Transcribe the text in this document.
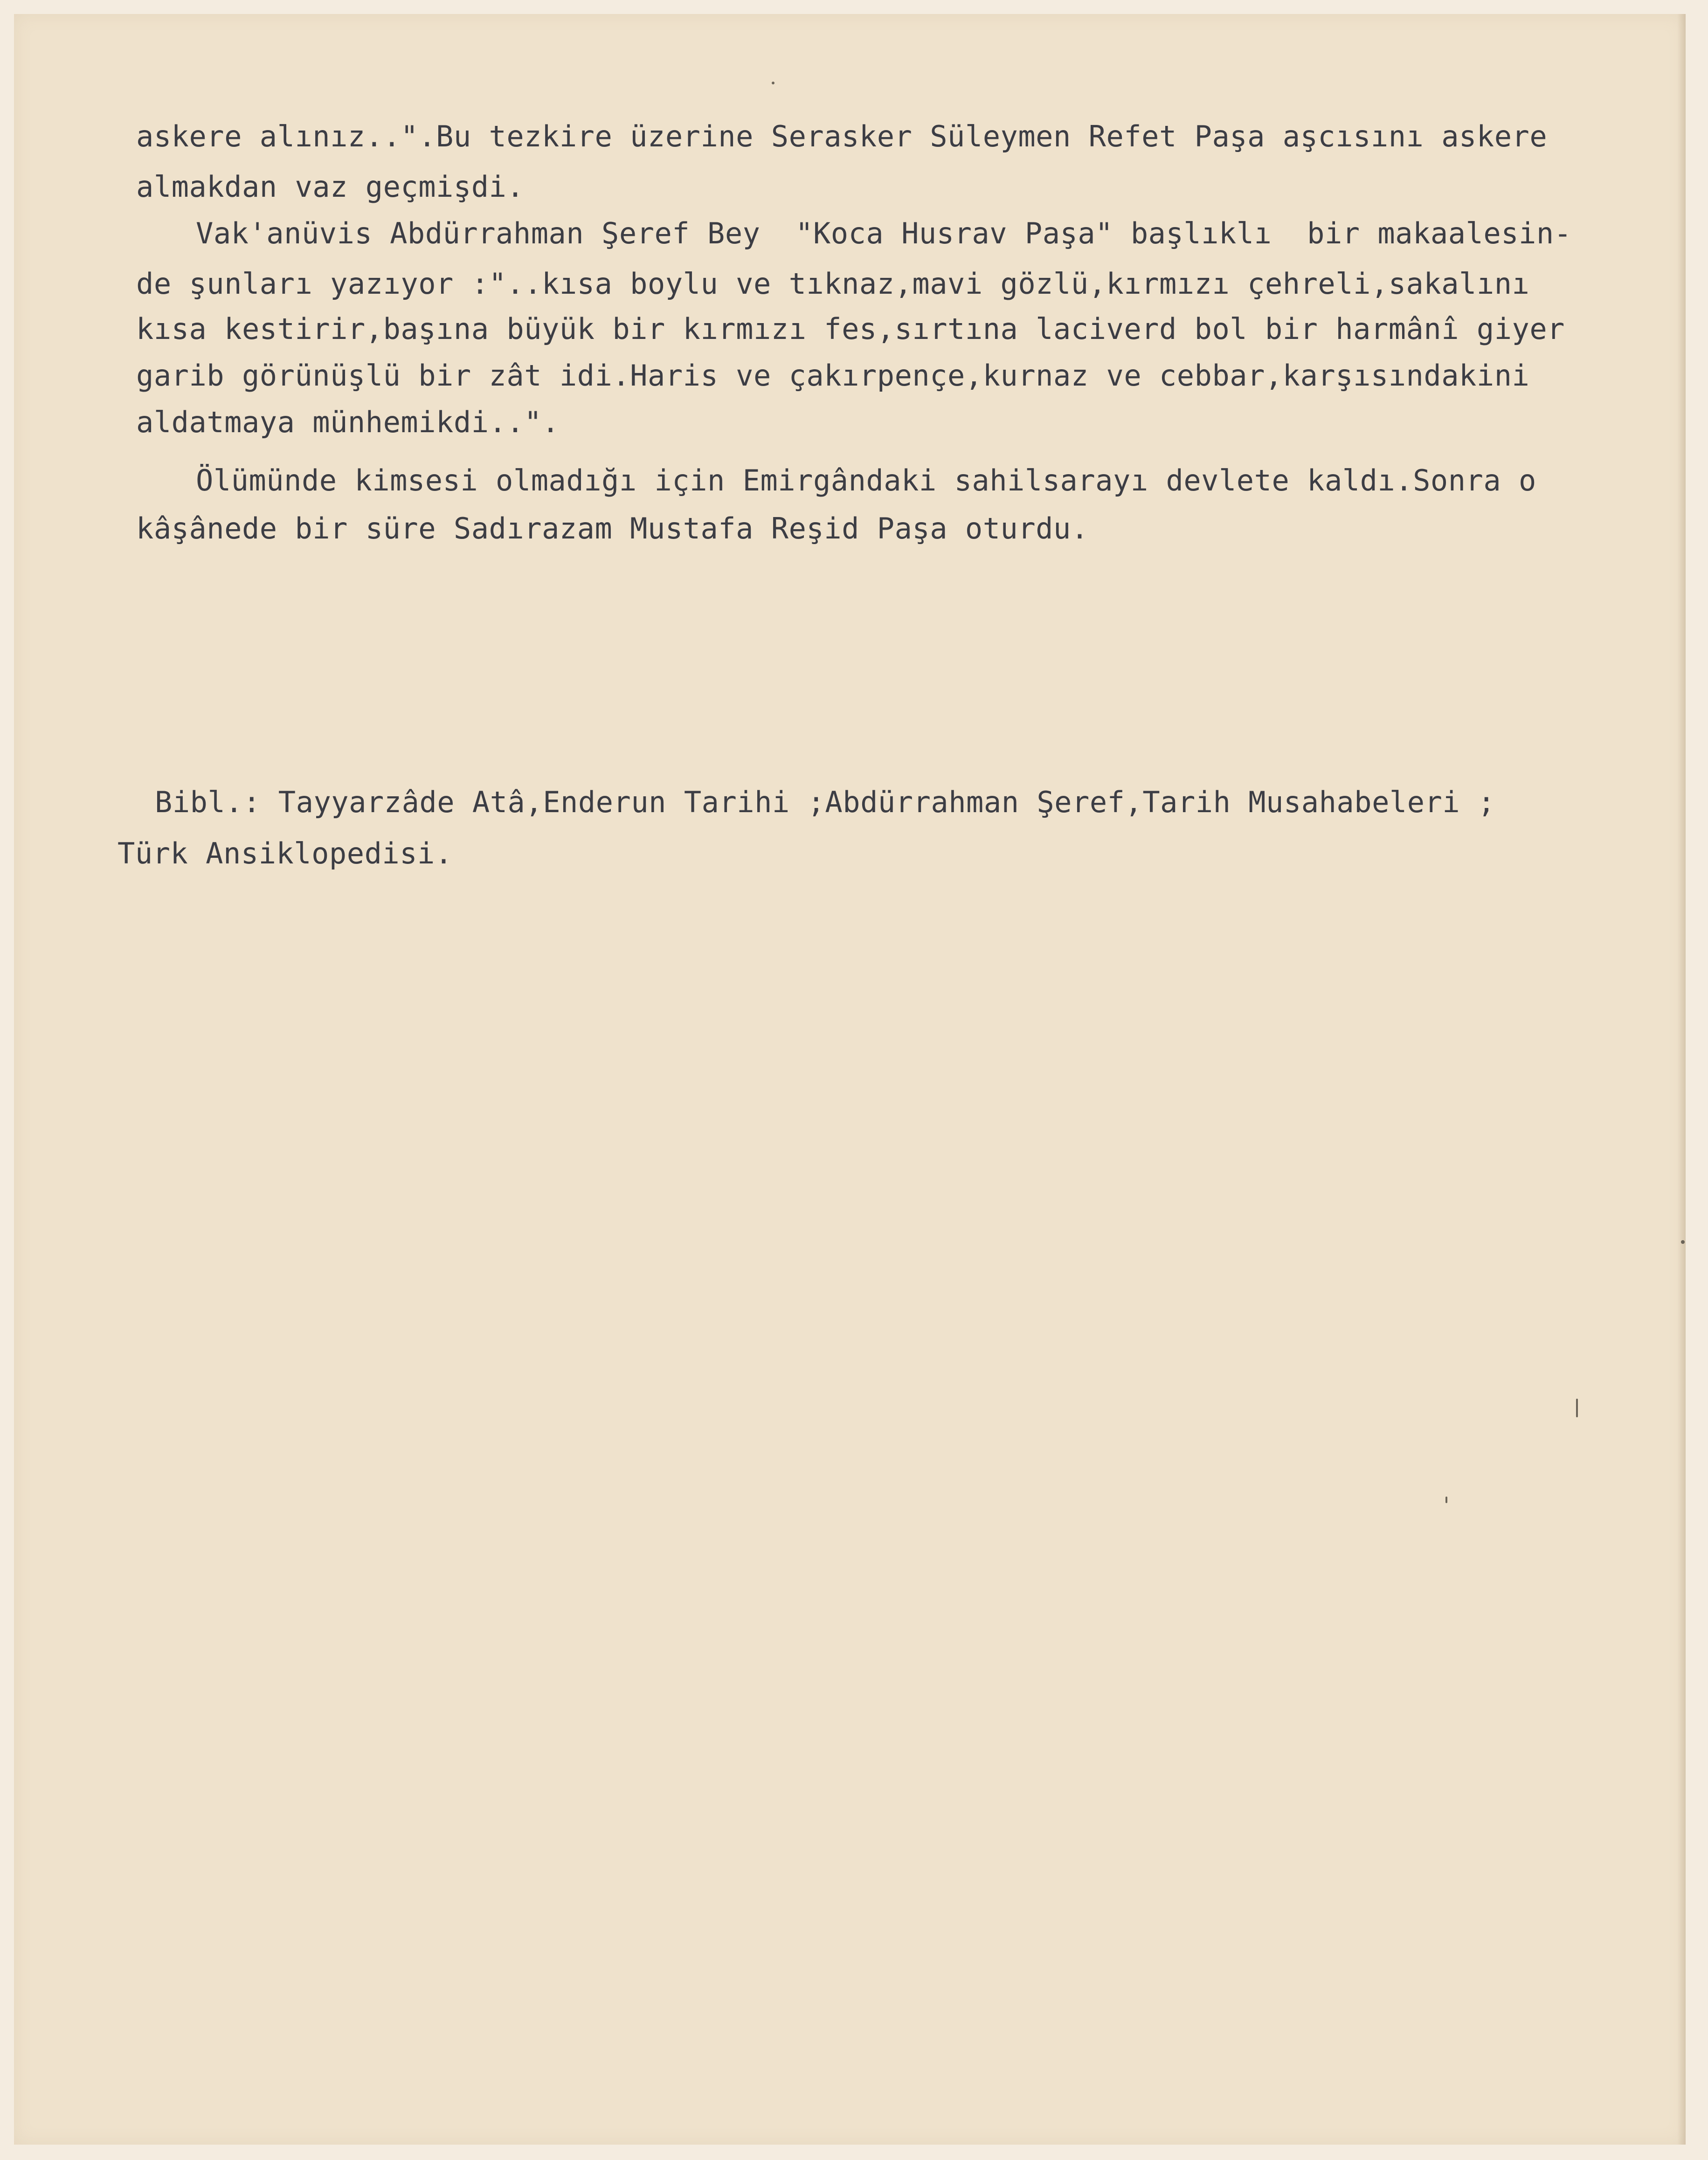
askere alınız..".Bu tezkire üzerine Serasker Süleymen Refet Paşa aşcısını askere

almakdan vaz geçmişdi.

Vak'anüvis Abdürrahman Şeref Bey  "Koca Husrav Paşa" başlıklı  bir makaalesin-

de şunları yazıyor :"..kısa boylu ve tıknaz,mavi gözlü,kırmızı çehreli,sakalını

kısa kestirir,başına büyük bir kırmızı fes,sırtına laciverd bol bir harmânî giyer

garib görünüşlü bir zât idi.Haris ve çakırpençe,kurnaz ve cebbar,karşısındakini

aldatmaya münhemikdi..".

Ölümünde kimsesi olmadığı için Emirgândaki sahilsarayı devlete kaldı.Sonra o

kâşânede bir süre Sadırazam Mustafa Reşid Paşa oturdu.

Bibl.: Tayyarzâde Atâ,Enderun Tarihi ;Abdürrahman Şeref,Tarih Musahabeleri ;

Türk Ansiklopedisi.
